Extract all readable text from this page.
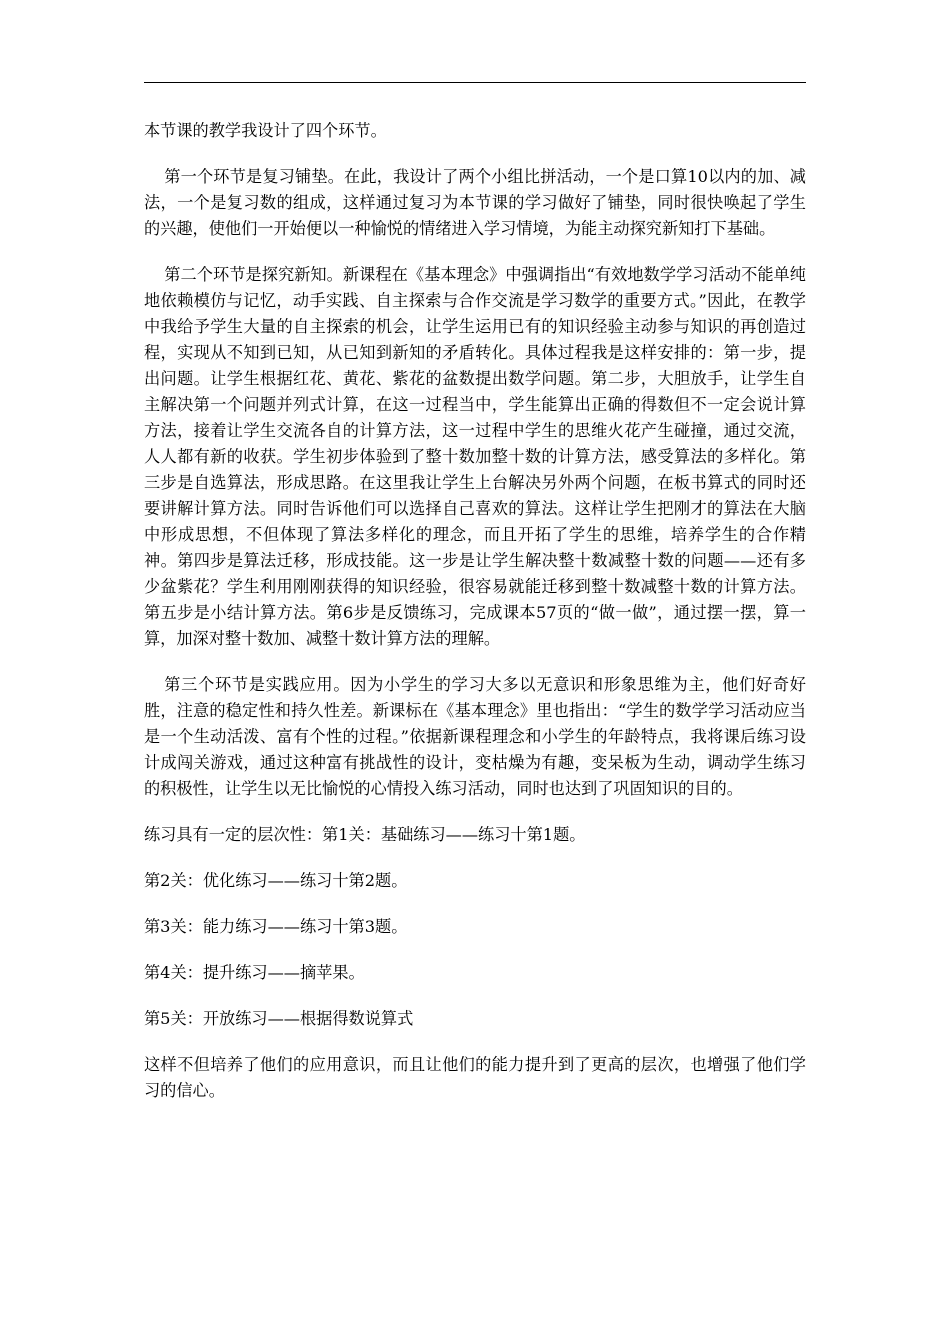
本节课的教学我设计了四个环节。

第一个环节是复习铺垫。在此，我设计了两个小组比拼活动，一个是口算10以内的加、减法，一个是复习数的组成，这样通过复习为本节课的学习做好了铺垫，同时很快唤起了学生的兴趣，使他们一开始便以一种愉悦的情绪进入学习情境，为能主动探究新知打下基础。

第二个环节是探究新知。新课程在《基本理念》中强调指出“有效地数学学习活动不能单纯地依赖模仿与记忆，动手实践、自主探索与合作交流是学习数学的重要方式。”因此，在教学中我给予学生大量的自主探索的机会，让学生运用已有的知识经验主动参与知识的再创造过程，实现从不知到已知，从已知到新知的矛盾转化。具体过程我是这样安排的：第一步，提出问题。让学生根据红花、黄花、紫花的盆数提出数学问题。第二步，大胆放手，让学生自主解决第一个问题并列式计算，在这一过程当中，学生能算出正确的得数但不一定会说计算方法，接着让学生交流各自的计算方法，这一过程中学生的思维火花产生碰撞，通过交流，人人都有新的收获。学生初步体验到了整十数加整十数的计算方法，感受算法的多样化。第三步是自选算法，形成思路。在这里我让学生上台解决另外两个问题，在板书算式的同时还要讲解计算方法。同时告诉他们可以选择自己喜欢的算法。这样让学生把刚才的算法在大脑中形成思想，不但体现了算法多样化的理念，而且开拓了学生的思维，培养学生的合作精神。第四步是算法迁移，形成技能。这一步是让学生解决整十数减整十数的问题——还有多少盆紫花？学生利用刚刚获得的知识经验，很容易就能迁移到整十数减整十数的计算方法。第五步是小结计算方法。第6步是反馈练习，完成课本57页的“做一做”，通过摆一摆，算一算，加深对整十数加、减整十数计算方法的理解。

第三个环节是实践应用。因为小学生的学习大多以无意识和形象思维为主，他们好奇好胜，注意的稳定性和持久性差。新课标在《基本理念》里也指出：“学生的数学学习活动应当是一个生动活泼、富有个性的过程。”依据新课程理念和小学生的年龄特点，我将课后练习设计成闯关游戏，通过这种富有挑战性的设计，变枯燥为有趣，变呆板为生动，调动学生练习的积极性，让学生以无比愉悦的心情投入练习活动，同时也达到了巩固知识的目的。

练习具有一定的层次性：第1关：基础练习——练习十第1题。

第2关：优化练习——练习十第2题。

第3关：能力练习——练习十第3题。

第4关：提升练习——摘苹果。

第5关：开放练习——根据得数说算式

这样不但培养了他们的应用意识，而且让他们的能力提升到了更高的层次，也增强了他们学习的信心。
